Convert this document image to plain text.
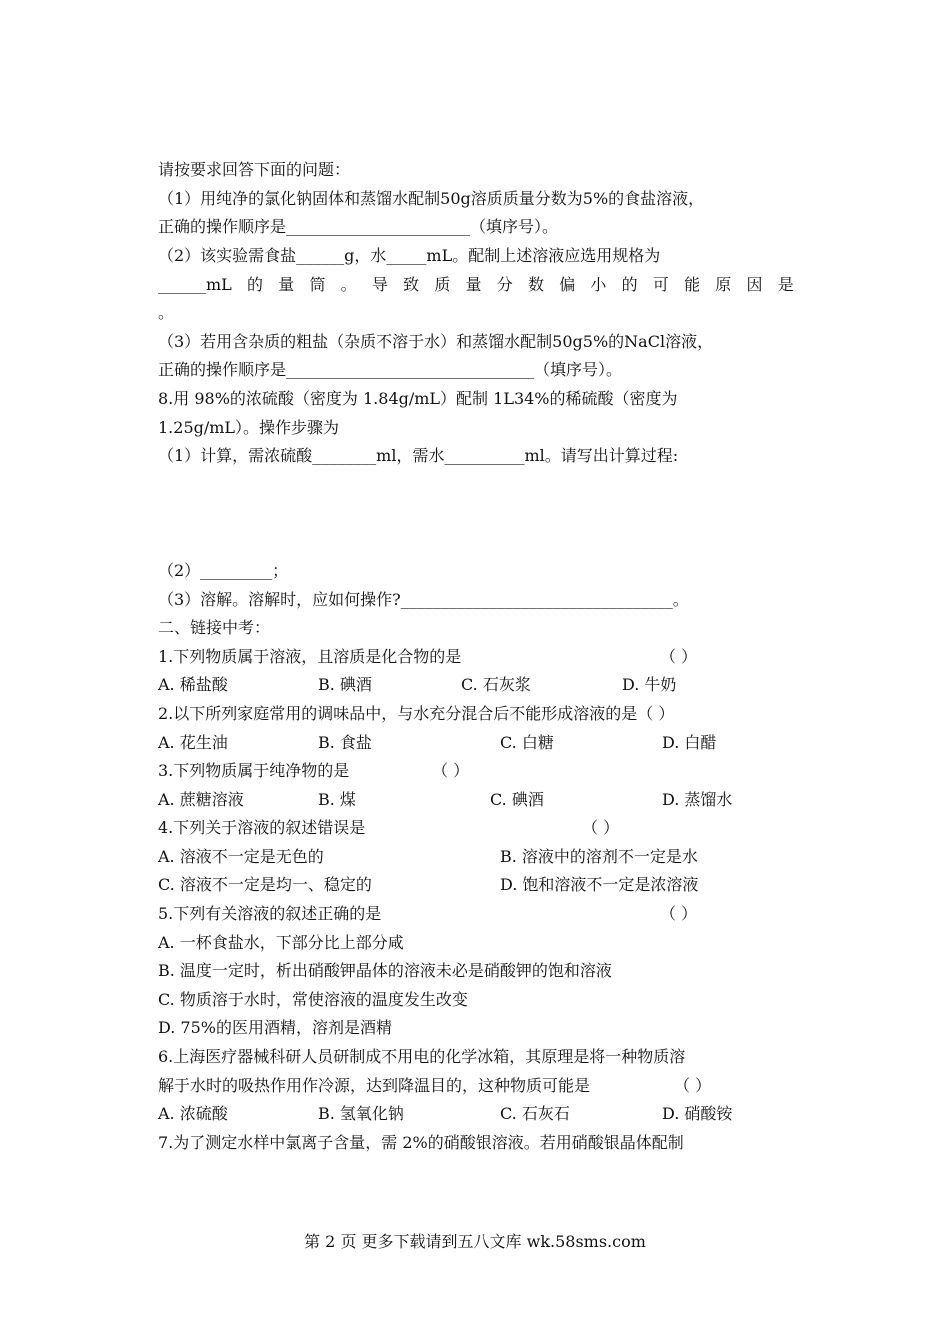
请按要求回答下面的问题：
（1）用纯净的氯化钠固体和蒸馏水配制50g溶质质量分数为5%的食盐溶液，
正确的操作顺序是_______________________（填序号）。
（2）该实验需食盐______g，水_____mL。配制上述溶液应选用规格为
______mL 的 量 筒 。 导 致 质 量 分 数 偏 小 的 可 能 原 因 是
。
（3）若用含杂质的粗盐（杂质不溶于水）和蒸馏水配制50g5%的NaCl溶液，
正确的操作顺序是_______________________________（填序号）。
8.用 98%的浓硫酸（密度为 1.84g/mL）配制 1L34%的稀硫酸（密度为
1.25g/mL）。操作步骤为
（1）计算，需浓硫酸________ml，需水__________ml。请写出计算过程:
（2）_________；
（3）溶解。溶解时，应如何操作?__________________________________。
二、链接中考：
1.下列物质属于溶液，且溶质是化合物的是	（ ）
A. 稀盐酸	B. 碘酒	C. 石灰浆	D. 牛奶
2.以下所列家庭常用的调味品中，与水充分混合后不能形成溶液的是（ ）
A. 花生油	B. 食盐	C. 白糖	D. 白醋
3.下列物质属于纯净物的是	（ ）
A. 蔗糖溶液	B. 煤	C. 碘酒	D. 蒸馏水
4.下列关于溶液的叙述错误是	（ ）
A. 溶液不一定是无色的	B. 溶液中的溶剂不一定是水
C. 溶液不一定是均一、稳定的	D. 饱和溶液不一定是浓溶液
5.下列有关溶液的叙述正确的是	（ ）
A. 一杯食盐水，下部分比上部分咸
B. 温度一定时，析出硝酸钾晶体的溶液未必是硝酸钾的饱和溶液
C. 物质溶于水时，常使溶液的温度发生改变
D. 75%的医用酒精，溶剂是酒精
6.上海医疗器械科研人员研制成不用电的化学冰箱，其原理是将一种物质溶
解于水时的吸热作用作冷源，达到降温目的，这种物质可能是	（ ）
A. 浓硫酸	B. 氢氧化钠	C. 石灰石	D. 硝酸铵
7.为了测定水样中氯离子含量，需 2%的硝酸银溶液。若用硝酸银晶体配制
第 2 页 更多下载请到五八文库 wk.58sms.com
